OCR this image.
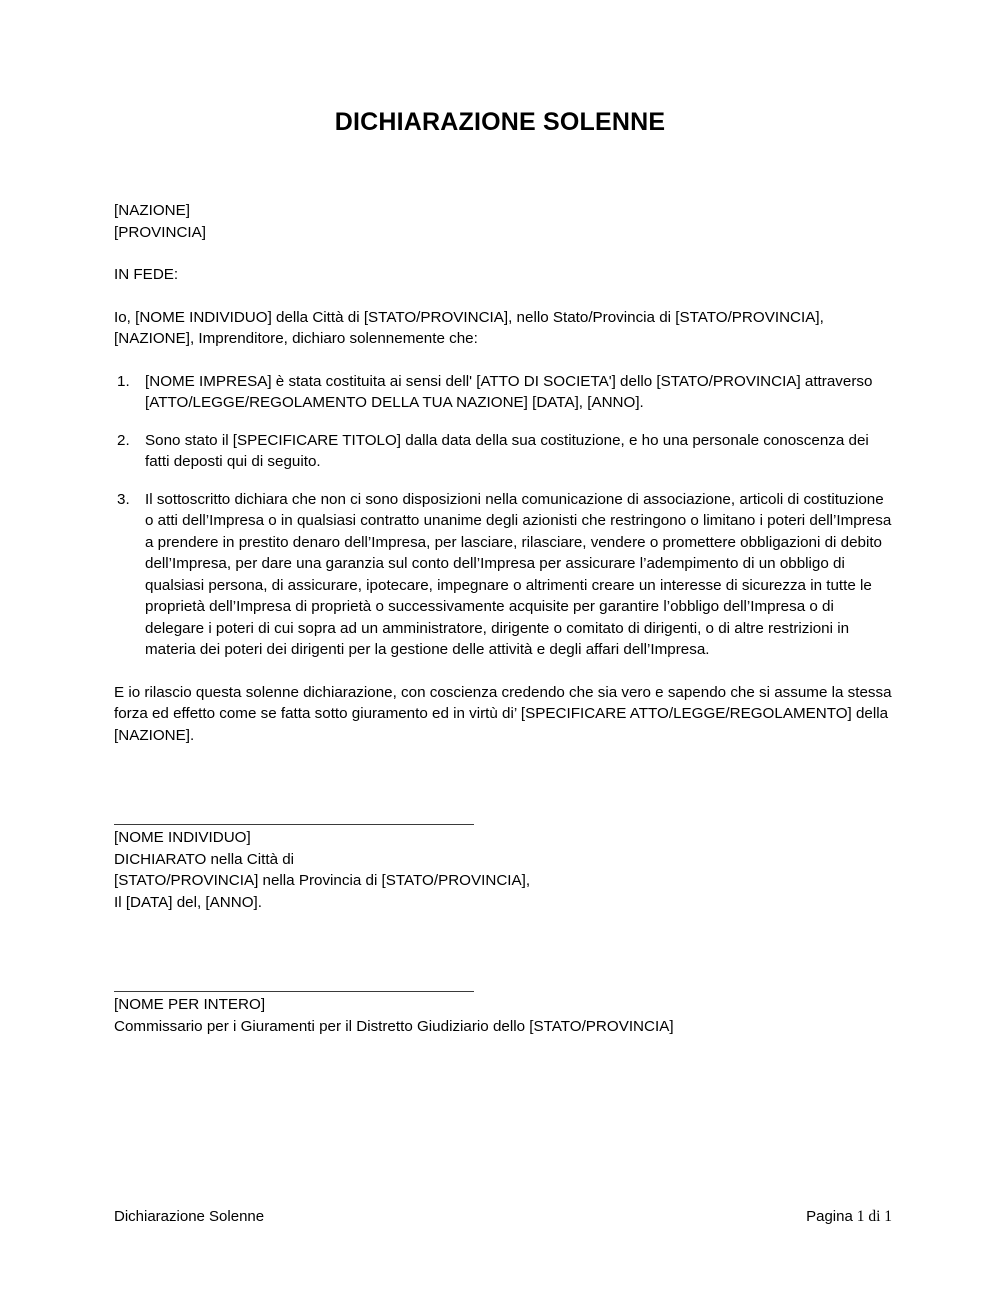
DICHIARAZIONE SOLENNE
[NAZIONE]
[PROVINCIA]
IN FEDE:
Io, [NOME INDIVIDUO] della Città di [STATO/PROVINCIA], nello Stato/Provincia di [STATO/PROVINCIA], [NAZIONE], Imprenditore, dichiaro solennemente che:
1.	[NOME IMPRESA] è stata costituita ai sensi dell' [ATTO DI SOCIETA'] dello [STATO/PROVINCIA] attraverso [ATTO/LEGGE/REGOLAMENTO DELLA TUA NAZIONE] [DATA], [ANNO].
2.	Sono stato il [SPECIFICARE TITOLO] dalla data della sua costituzione, e ho una personale conoscenza dei fatti deposti qui di seguito.
3.	Il sottoscritto dichiara che non ci sono disposizioni nella comunicazione di associazione, articoli di costituzione o atti dell’Impresa o in qualsiasi contratto unanime degli azionisti che restringono o limitano i poteri dell’Impresa a prendere in prestito denaro dell’Impresa, per lasciare, rilasciare, vendere o promettere obbligazioni di debito dell’Impresa, per dare una garanzia sul conto dell’Impresa per assicurare l’adempimento di un obbligo di qualsiasi persona, di assicurare, ipotecare, impegnare o altrimenti creare un interesse di sicurezza in tutte le proprietà dell’Impresa di proprietà o successivamente acquisite per garantire l’obbligo dell’Impresa o di delegare i poteri di cui sopra ad un amministratore, dirigente o comitato di dirigenti, o di altre restrizioni in materia dei poteri dei dirigenti per la gestione delle attività e degli affari dell’Impresa.
E io rilascio questa solenne dichiarazione, con coscienza credendo che sia vero e sapendo che si assume la stessa forza ed effetto come se fatta sotto giuramento ed in virtù di’ [SPECIFICARE ATTO/LEGGE/REGOLAMENTO] della [NAZIONE].
[NOME INDIVIDUO]
DICHIARATO nella Città di
[STATO/PROVINCIA] nella Provincia di [STATO/PROVINCIA],
Il [DATA] del, [ANNO].
[NOME PER INTERO]
Commissario per i Giuramenti per il Distretto Giudiziario dello [STATO/PROVINCIA]
Dichiarazione Solenne	Pagina 1 di 1
